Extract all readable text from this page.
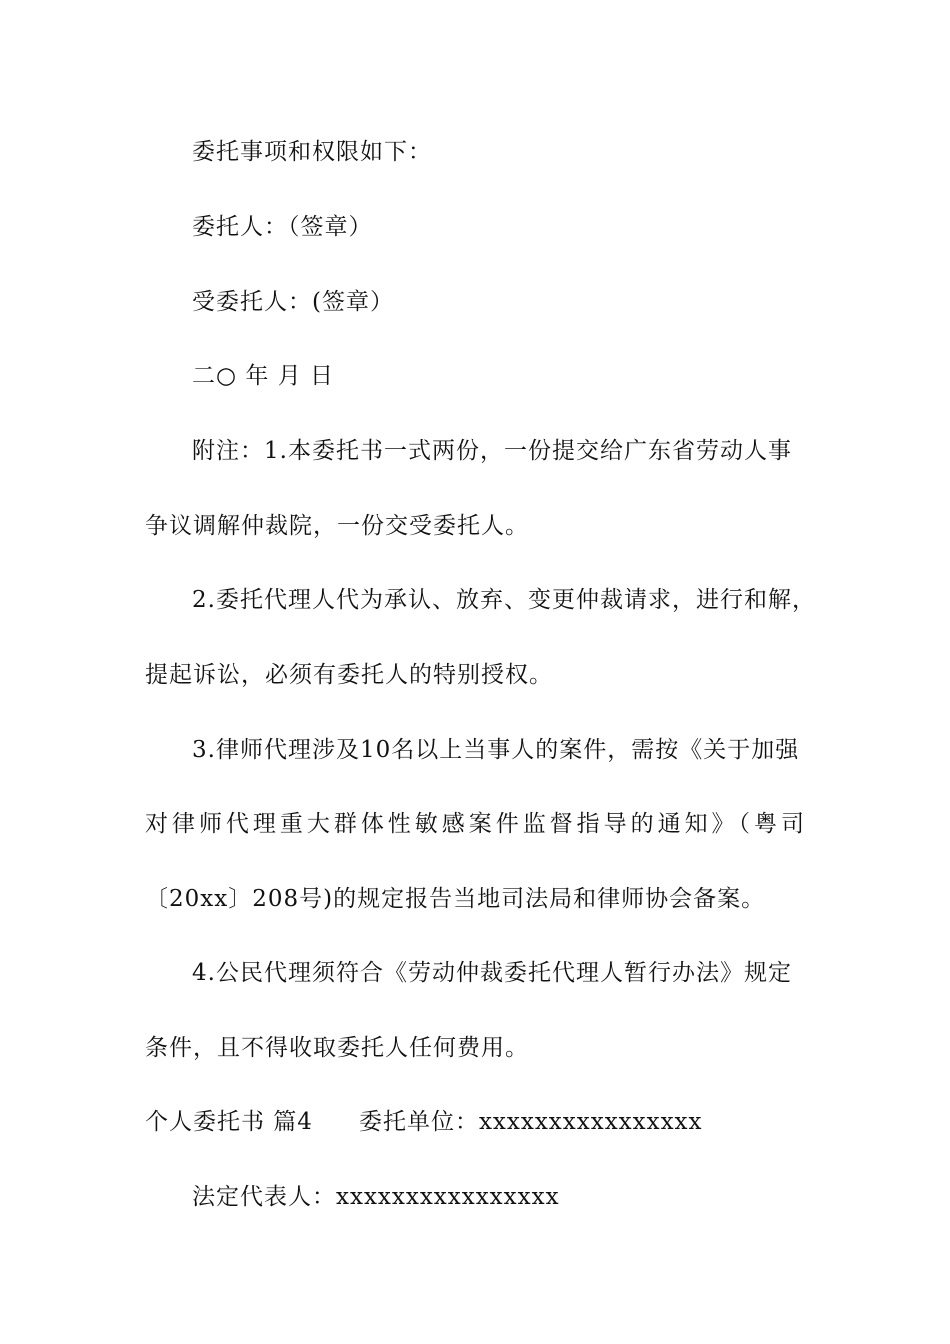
委托事项和权限如下：
委托人：（签章）
受委托人：(签章）
二○ 年 月 日
附注：1.本委托书一式两份，一份提交给广东省劳动人事
争议调解仲裁院，一份交受委托人。
2.委托代理人代为承认、放弃、变更仲裁请求，进行和解，
提起诉讼，必须有委托人的特别授权。
3.律师代理涉及10名以上当事人的案件，需按《关于加强
对律师代理重大群体性敏感案件监督指导的通知》（粤司
〔20xx〕208号)的规定报告当地司法局和律师协会备案。
4.公民代理须符合《劳动仲裁委托代理人暂行办法》规定
条件，且不得收取委托人任何费用。
个人委托书 篇4 委托单位：xxxxxxxxxxxxxxxx
法定代表人：xxxxxxxxxxxxxxxx
